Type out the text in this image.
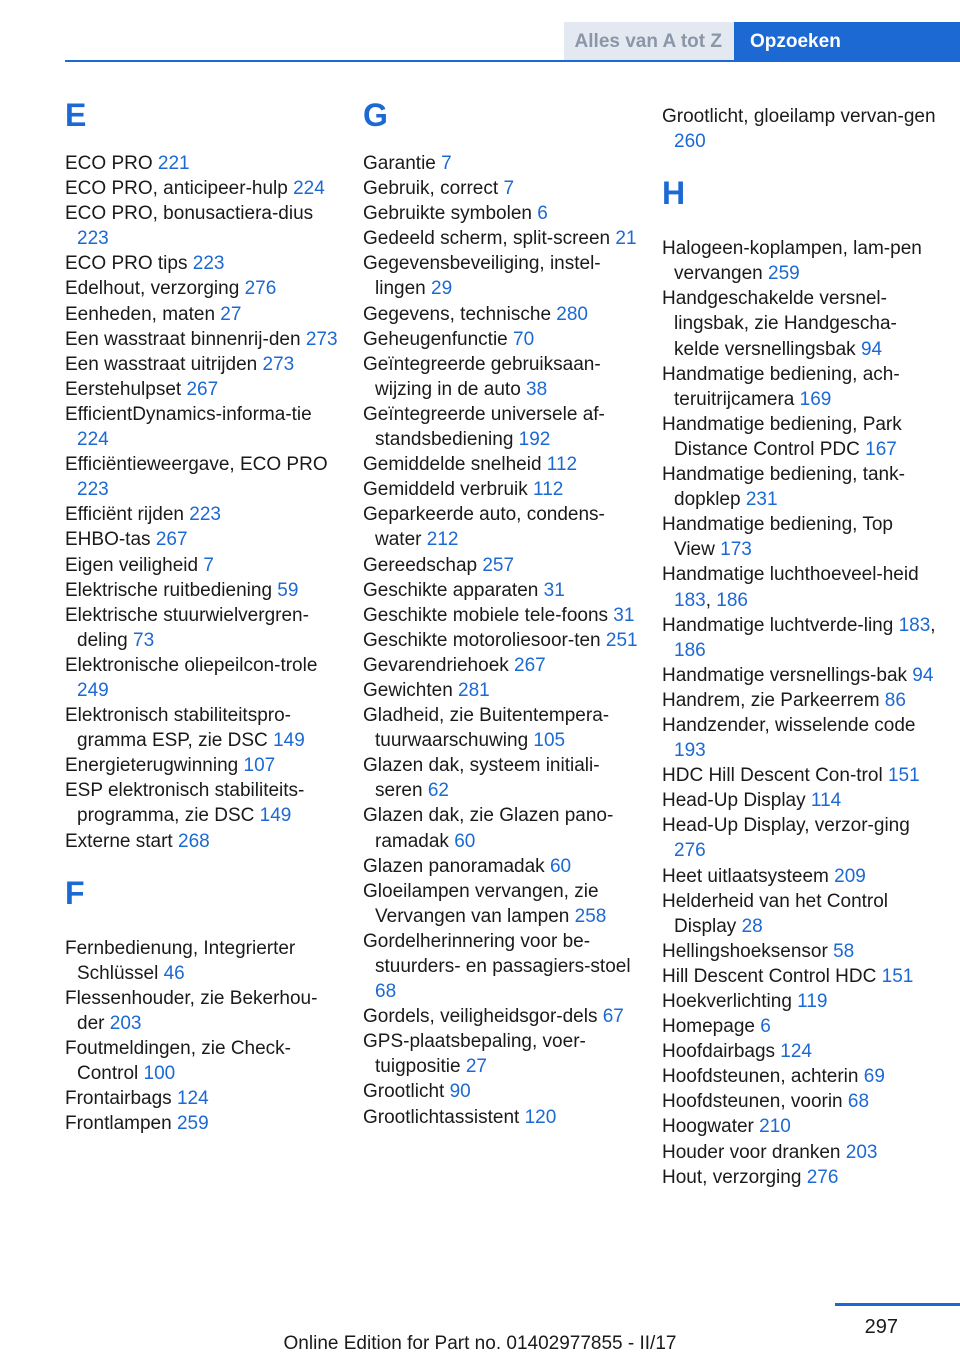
Alles van A tot Z	Opzoeken
E
ECO PRO 221
ECO PRO, anticipeer-hulp 224
ECO PRO, bonusactiera-dius 223
ECO PRO tips 223
Edelhout, verzorging 276
Eenheden, maten 27
Een wasstraat binnenrij-den 273
Een wasstraat uitrijden 273
Eerstehulpset 267
EfficientDynamics-informa-tie 224
Efficiëntieweergave, ECO PRO 223
Efficiënt rijden 223
EHBO-tas 267
Eigen veiligheid 7
Elektrische ruitbediening 59
Elektrische stuurwielvergren-deling 73
Elektronische oliepeilcon-trole 249
Elektronisch stabiliteitspro-gramma ESP, zie DSC 149
Energieterugwinning 107
ESP elektronisch stabiliteits-programma, zie DSC 149
Externe start 268
F
Fernbedienung, Integrierter Schlüssel 46
Flessenhouder, zie Bekerhou-der 203
Foutmeldingen, zie Check-Control 100
Frontairbags 124
Frontlampen 259
G
Garantie 7
Gebruik, correct 7
Gebruikte symbolen 6
Gedeeld scherm, split-screen 21
Gegevensbeveiliging, instel-lingen 29
Gegevens, technische 280
Geheugenfunctie 70
Geïntegreerde gebruiksaan-wijzing in de auto 38
Geïntegreerde universele af-standsbediening 192
Gemiddelde snelheid 112
Gemiddeld verbruik 112
Geparkeerde auto, condens-water 212
Gereedschap 257
Geschikte apparaten 31
Geschikte mobiele tele-foons 31
Geschikte motoroliesoor-ten 251
Gevarendriehoek 267
Gewichten 281
Gladheid, zie Buitentempera-tuurwaarschuwing 105
Glazen dak, systeem initiali-seren 62
Glazen dak, zie Glazen pano-ramadak 60
Glazen panoramadak 60
Gloeilampen vervangen, zie Vervangen van lampen 258
Gordelherinnering voor be-stuurders- en passagiers-stoel 68
Gordels, veiligheidsgor-dels 67
GPS-plaatsbepaling, voer-tuigpositie 27
Grootlicht 90
Grootlichtassistent 120
Grootlicht, gloeilamp vervan-gen 260
H
Halogeen-koplampen, lam-pen vervangen 259
Handgeschakelde versnel-lingsbak, zie Handgescha-kelde versnellingsbak 94
Handmatige bediening, ach-teruitrijcamera 169
Handmatige bediening, Park Distance Control PDC 167
Handmatige bediening, tank-dopklep 231
Handmatige bediening, Top View 173
Handmatige luchthoeveel-heid 183, 186
Handmatige luchtverde-ling 183, 186
Handmatige versnellings-bak 94
Handrem, zie Parkeerrem 86
Handzender, wisselende code 193
HDC Hill Descent Con-trol 151
Head-Up Display 114
Head-Up Display, verzor-ging 276
Heet uitlaatsysteem 209
Helderheid van het Control Display 28
Hellingshoeksensor 58
Hill Descent Control HDC 151
Hoekverlichting 119
Homepage 6
Hoofdairbags 124
Hoofdsteunen, achterin 69
Hoofdsteunen, voorin 68
Hoogwater 210
Houder voor dranken 203
Hout, verzorging 276
297
Online Edition for Part no. 01402977855 - II/17
